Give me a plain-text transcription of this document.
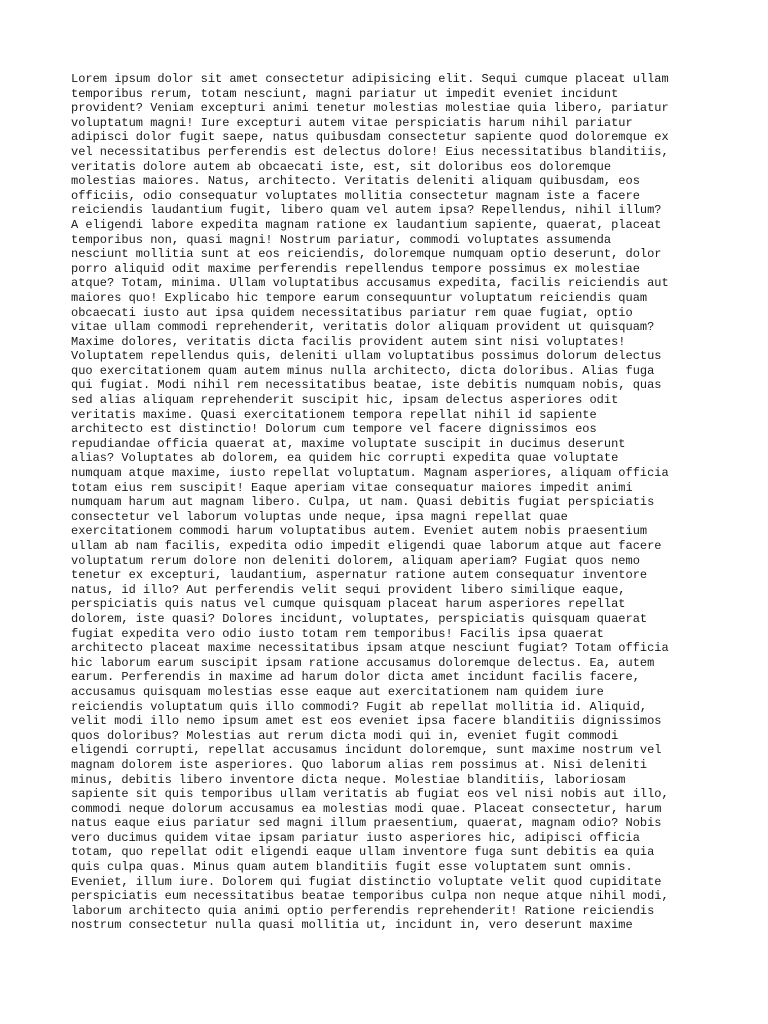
Lorem ipsum dolor sit amet consectetur adipisicing elit. Sequi cumque placeat ullam
temporibus rerum, totam nesciunt, magni pariatur ut impedit eveniet incidunt
provident? Veniam excepturi animi tenetur molestias molestiae quia libero, pariatur
voluptatum magni! Iure excepturi autem vitae perspiciatis harum nihil pariatur
adipisci dolor fugit saepe, natus quibusdam consectetur sapiente quod doloremque ex
vel necessitatibus perferendis est delectus dolore! Eius necessitatibus blanditiis,
veritatis dolore autem ab obcaecati iste, est, sit doloribus eos doloremque
molestias maiores. Natus, architecto. Veritatis deleniti aliquam quibusdam, eos
officiis, odio consequatur voluptates mollitia consectetur magnam iste a facere
reiciendis laudantium fugit, libero quam vel autem ipsa? Repellendus, nihil illum?
A eligendi labore expedita magnam ratione ex laudantium sapiente, quaerat, placeat
temporibus non, quasi magni! Nostrum pariatur, commodi voluptates assumenda
nesciunt mollitia sunt at eos reiciendis, doloremque numquam optio deserunt, dolor
porro aliquid odit maxime perferendis repellendus tempore possimus ex molestiae
atque? Totam, minima. Ullam voluptatibus accusamus expedita, facilis reiciendis aut
maiores quo! Explicabo hic tempore earum consequuntur voluptatum reiciendis quam
obcaecati iusto aut ipsa quidem necessitatibus pariatur rem quae fugiat, optio
vitae ullam commodi reprehenderit, veritatis dolor aliquam provident ut quisquam?
Maxime dolores, veritatis dicta facilis provident autem sint nisi voluptates!
Voluptatem repellendus quis, deleniti ullam voluptatibus possimus dolorum delectus
quo exercitationem quam autem minus nulla architecto, dicta doloribus. Alias fuga
qui fugiat. Modi nihil rem necessitatibus beatae, iste debitis numquam nobis, quas
sed alias aliquam reprehenderit suscipit hic, ipsam delectus asperiores odit
veritatis maxime. Quasi exercitationem tempora repellat nihil id sapiente
architecto est distinctio! Dolorum cum tempore vel facere dignissimos eos
repudiandae officia quaerat at, maxime voluptate suscipit in ducimus deserunt
alias? Voluptates ab dolorem, ea quidem hic corrupti expedita quae voluptate
numquam atque maxime, iusto repellat voluptatum. Magnam asperiores, aliquam officia
totam eius rem suscipit! Eaque aperiam vitae consequatur maiores impedit animi
numquam harum aut magnam libero. Culpa, ut nam. Quasi debitis fugiat perspiciatis
consectetur vel laborum voluptas unde neque, ipsa magni repellat quae
exercitationem commodi harum voluptatibus autem. Eveniet autem nobis praesentium
ullam ab nam facilis, expedita odio impedit eligendi quae laborum atque aut facere
voluptatum rerum dolore non deleniti dolorem, aliquam aperiam? Fugiat quos nemo
tenetur ex excepturi, laudantium, aspernatur ratione autem consequatur inventore
natus, id illo? Aut perferendis velit sequi provident libero similique eaque,
perspiciatis quis natus vel cumque quisquam placeat harum asperiores repellat
dolorem, iste quasi? Dolores incidunt, voluptates, perspiciatis quisquam quaerat
fugiat expedita vero odio iusto totam rem temporibus! Facilis ipsa quaerat
architecto placeat maxime necessitatibus ipsam atque nesciunt fugiat? Totam officia
hic laborum earum suscipit ipsam ratione accusamus doloremque delectus. Ea, autem
earum. Perferendis in maxime ad harum dolor dicta amet incidunt facilis facere,
accusamus quisquam molestias esse eaque aut exercitationem nam quidem iure
reiciendis voluptatum quis illo commodi? Fugit ab repellat mollitia id. Aliquid,
velit modi illo nemo ipsum amet est eos eveniet ipsa facere blanditiis dignissimos
quos doloribus? Molestias aut rerum dicta modi qui in, eveniet fugit commodi
eligendi corrupti, repellat accusamus incidunt doloremque, sunt maxime nostrum vel
magnam dolorem iste asperiores. Quo laborum alias rem possimus at. Nisi deleniti
minus, debitis libero inventore dicta neque. Molestiae blanditiis, laboriosam
sapiente sit quis temporibus ullam veritatis ab fugiat eos vel nisi nobis aut illo,
commodi neque dolorum accusamus ea molestias modi quae. Placeat consectetur, harum
natus eaque eius pariatur sed magni illum praesentium, quaerat, magnam odio? Nobis
vero ducimus quidem vitae ipsam pariatur iusto asperiores hic, adipisci officia
totam, quo repellat odit eligendi eaque ullam inventore fuga sunt debitis ea quia
quis culpa quas. Minus quam autem blanditiis fugit esse voluptatem sunt omnis.
Eveniet, illum iure. Dolorem qui fugiat distinctio voluptate velit quod cupiditate
perspiciatis eum necessitatibus beatae temporibus culpa non neque atque nihil modi,
laborum architecto quia animi optio perferendis reprehenderit! Ratione reiciendis
nostrum consectetur nulla quasi mollitia ut, incidunt in, vero deserunt maxime
